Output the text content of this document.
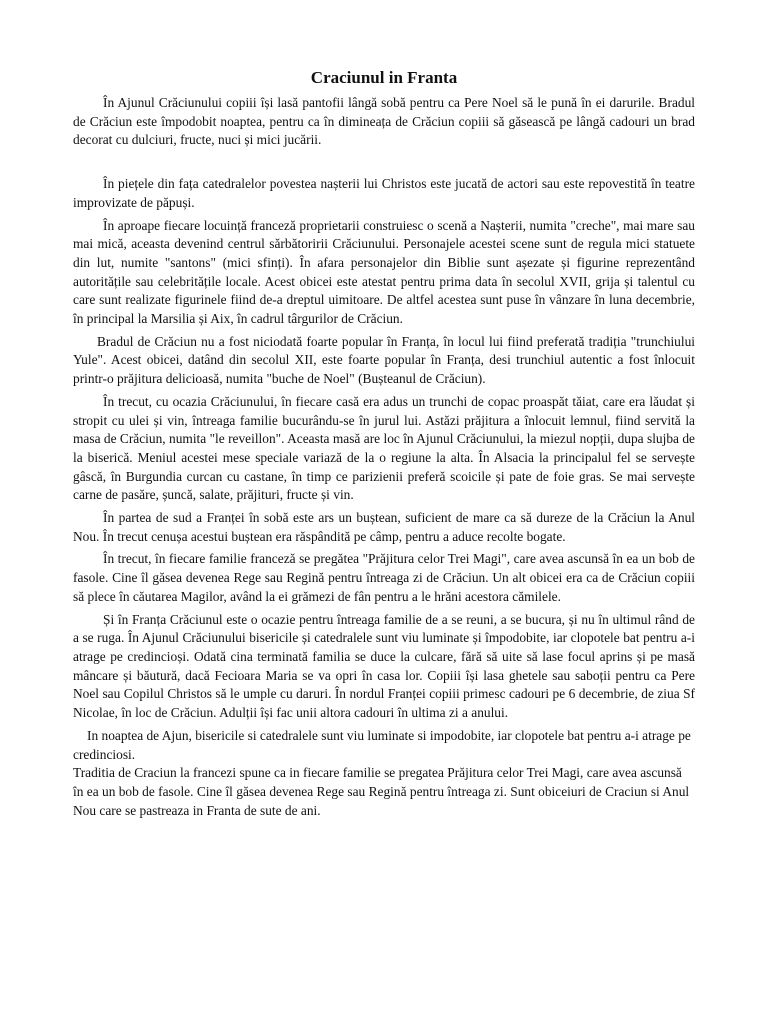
Craciunul in Franta

În Ajunul Crăciunului copiii își lasă pantofii lângă sobă pentru ca Pere Noel să le pună în ei darurile. Bradul de Crăciun este împodobit noaptea, pentru ca în dimineața de Crăciun copiii să găsească pe lângă cadouri un brad decorat cu dulciuri, fructe, nuci și mici jucării.

În piețele din fața catedralelor povestea nașterii lui Christos este jucată de actori sau este repovestită în teatre improvizate de păpuși.

În aproape fiecare locuință franceză proprietarii construiesc o scenă a Nașterii, numita "creche", mai mare sau mai mică, aceasta devenind centrul sărbătoririi Crăciunului. Personajele acestei scene sunt de regula mici statuete din lut, numite "santons" (mici sfinți). În afara personajelor din Biblie sunt așezate și figurine reprezentând autoritățile sau celebritățile locale. Acest obicei este atestat pentru prima data în secolul XVII, grija și talentul cu care sunt realizate figurinele fiind de-a dreptul uimitoare. De altfel acestea sunt puse în vânzare în luna decembrie, în principal la Marsilia și Aix, în cadrul târgurilor de Crăciun.

Bradul de Crăciun nu a fost niciodată foarte popular în Franța, în locul lui fiind preferată tradiția "trunchiului Yule". Acest obicei, datând din secolul XII, este foarte popular în Franța, desi trunchiul autentic a fost înlocuit printr-o prăjitura delicioasă, numita "buche de Noel" (Bușteanul de Crăciun).

În trecut, cu ocazia Crăciunului, în fiecare casă era adus un trunchi de copac proaspăt tăiat, care era lăudat și stropit cu ulei și vin, întreaga familie bucurându-se în jurul lui. Astăzi prăjitura a înlocuit lemnul, fiind servită la masa de Crăciun, numita "le reveillon". Aceasta masă are loc în Ajunul Crăciunului, la miezul nopții, dupa slujba de la biserică. Meniul acestei mese speciale variază de la o regiune la alta. În Alsacia la principalul fel se servește gâscă, în Burgundia curcan cu castane, în timp ce parizienii preferă scoicile și pate de foie gras. Se mai servește carne de pasăre, șuncă, salate, prăjituri, fructe și vin.

În partea de sud a Franței în sobă este ars un buștean, suficient de mare ca să dureze de la Crăciun la Anul Nou. În trecut cenușa acestui buștean era răspândită pe câmp, pentru a aduce recolte bogate.

În trecut, în fiecare familie franceză se pregătea "Prăjitura celor Trei Magi", care avea ascunsă în ea un bob de fasole. Cine îl găsea devenea Rege sau Regină pentru întreaga zi de Crăciun. Un alt obicei era ca de Crăciun copiii să plece în căutarea Magilor, având la ei grămezi de fân pentru a le hrăni acestora cămilele.

Și în Franța Crăciunul este o ocazie pentru întreaga familie de a se reuni, a se bucura, și nu în ultimul rând de a se ruga. În Ajunul Crăciunului bisericile și catedralele sunt viu luminate și împodobite, iar clopotele bat pentru a-i atrage pe credincioși. Odată cina terminată familia se duce la culcare, fără să uite să lase focul aprins și pe masă mâncare și băutură, dacă Fecioara Maria se va opri în casa lor. Copiii își lasa ghetele sau saboții pentru ca Pere Noel sau Copilul Christos să le umple cu daruri. În nordul Franței copiii primesc cadouri pe 6 decembrie, de ziua Sf Nicolae, în loc de Crăciun. Adulții își fac unii altora cadouri în ultima zi a anului.

In noaptea de Ajun, bisericile si catedralele sunt viu luminate si impodobite, iar clopotele bat pentru a-i atrage pe credinciosi.

Traditia de Craciun la francezi spune ca in fiecare familie se pregatea Prăjitura celor Trei Magi, care avea ascunsă în ea un bob de fasole. Cine îl găsea devenea Rege sau Regină pentru întreaga zi. Sunt obiceiuri de Craciun si Anul Nou care se pastreaza in Franta de sute de ani.
